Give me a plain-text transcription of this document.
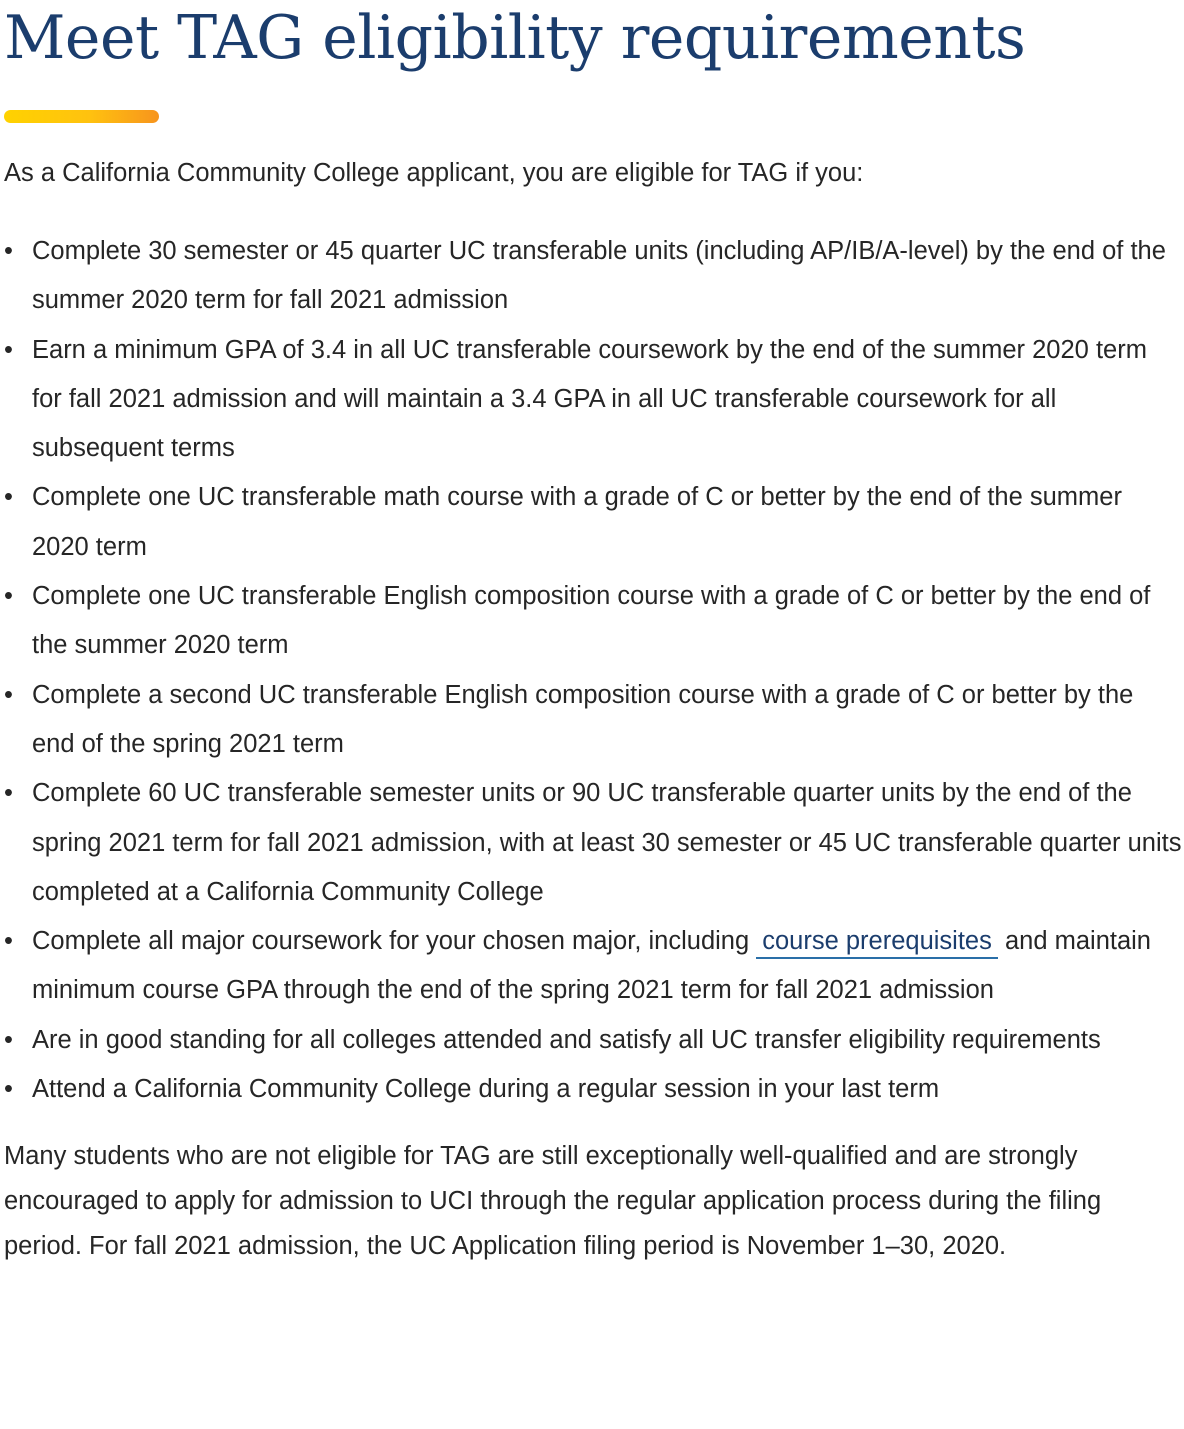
Meet TAG eligibility requirements

As a California Community College applicant, you are eligible for TAG if you:

• Complete 30 semester or 45 quarter UC transferable units (including AP/IB/A-level) by the end of the summer 2020 term for fall 2021 admission
• Earn a minimum GPA of 3.4 in all UC transferable coursework by the end of the summer 2020 term for fall 2021 admission and will maintain a 3.4 GPA in all UC transferable coursework for all subsequent terms
• Complete one UC transferable math course with a grade of C or better by the end of the summer 2020 term
• Complete one UC transferable English composition course with a grade of C or better by the end of the summer 2020 term
• Complete a second UC transferable English composition course with a grade of C or better by the end of the spring 2021 term
• Complete 60 UC transferable semester units or 90 UC transferable quarter units by the end of the spring 2021 term for fall 2021 admission, with at least 30 semester or 45 UC transferable quarter units completed at a California Community College
• Complete all major coursework for your chosen major, including course prerequisites and maintain minimum course GPA through the end of the spring 2021 term for fall 2021 admission
• Are in good standing for all colleges attended and satisfy all UC transfer eligibility requirements
• Attend a California Community College during a regular session in your last term

Many students who are not eligible for TAG are still exceptionally well-qualified and are strongly encouraged to apply for admission to UCI through the regular application process during the filing period. For fall 2021 admission, the UC Application filing period is November 1–30, 2020.
